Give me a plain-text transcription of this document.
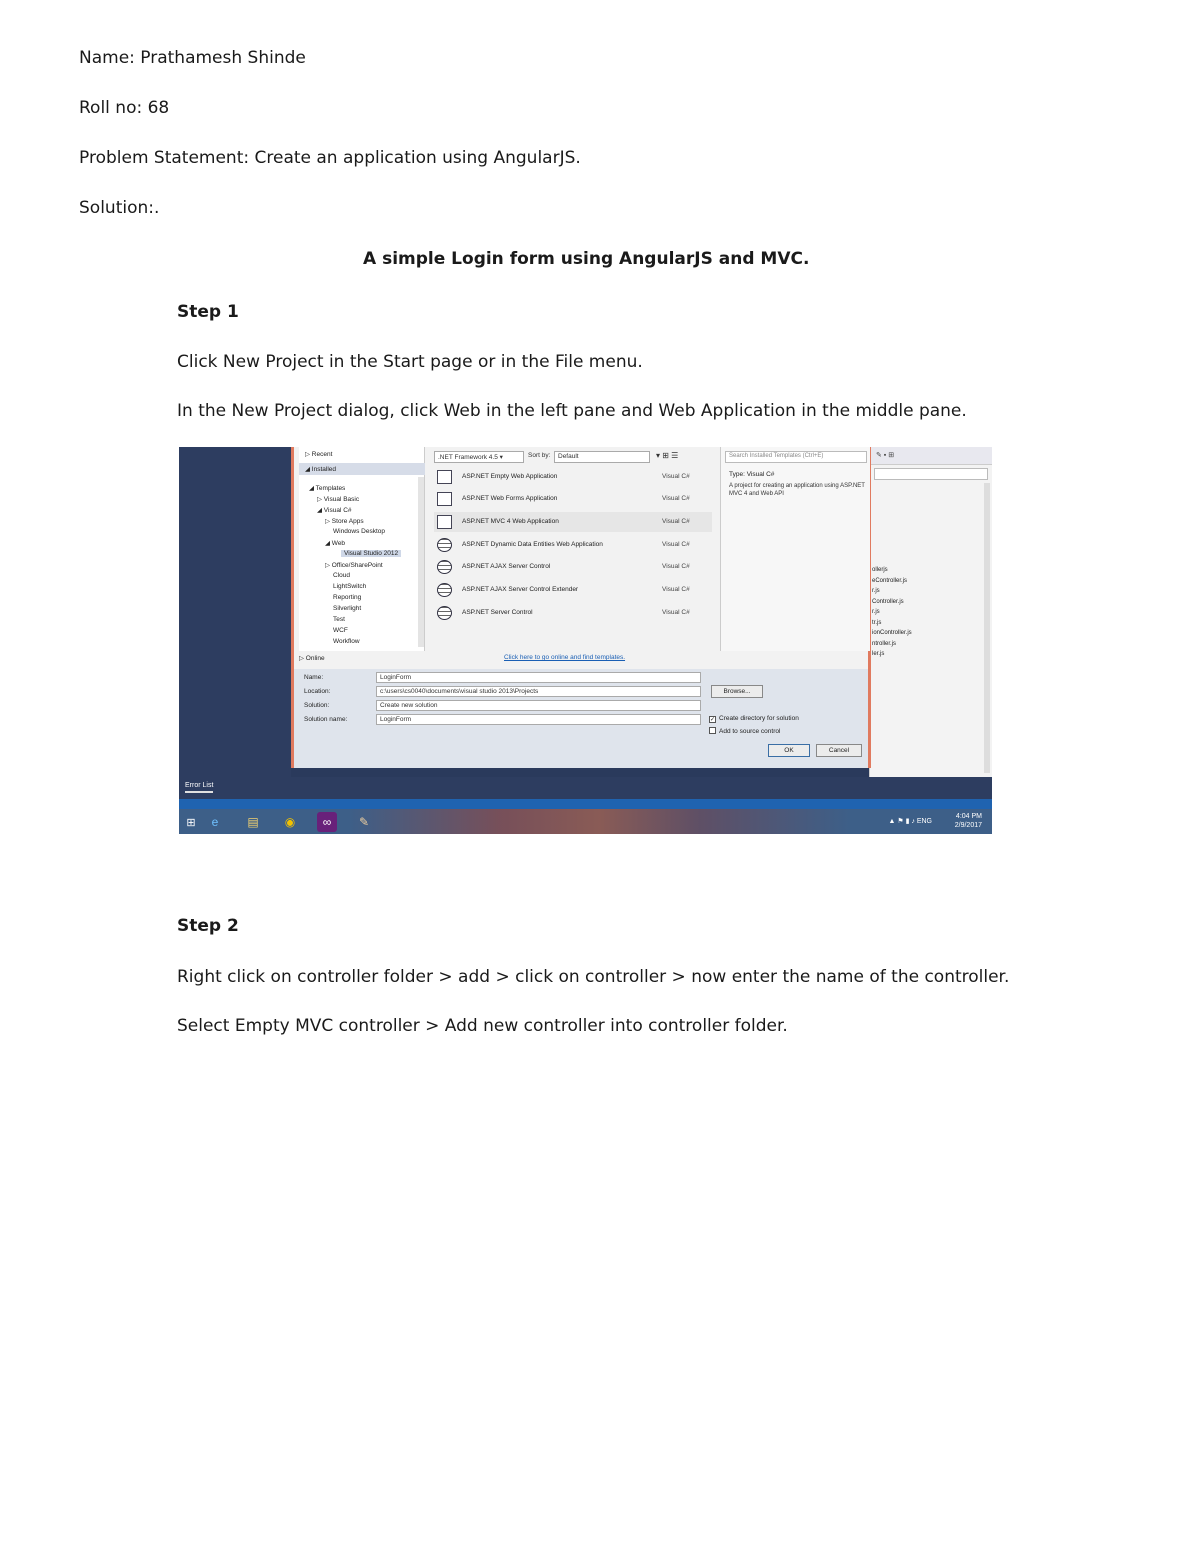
Name: Prathamesh Shinde
Roll no: 68
Problem Statement: Create an application using AngularJS.
Solution:.
A simple Login form using AngularJS and MVC.
Step 1
Click New Project in the Start page or in the File menu.
In the New Project dialog, click Web in the left pane and Web Application in the middle pane.
✎ ▪ ⊞
ollerjs
eController.js
r.js
Controller.js
r.js
tr.js
ionController.js
ntroller.js
ler.js
▷ Recent
◢ Installed
◢ Templates
▷ Visual Basic
◢ Visual C#
▷ Store Apps
Windows Desktop
◢ Web
Visual Studio 2012
▷ Office/SharePoint
Cloud
LightSwitch
Reporting
Silverlight
Test
WCF
Workflow
▷ Online
.NET Framework 4.5 ▾	Sort by:	Default	▾ ⊞ ☰
ASP.NET Empty Web Application	Visual C#
ASP.NET Web Forms Application	Visual C#
ASP.NET MVC 4 Web Application	Visual C#
ASP.NET Dynamic Data Entities Web Application	Visual C#
ASP.NET AJAX Server Control	Visual C#
ASP.NET AJAX Server Control Extender	Visual C#
ASP.NET Server Control	Visual C#
Click here to go online and find templates.
Search Installed Templates (Ctrl+E)
Type: Visual C#
A project for creating an application using ASP.NET MVC 4 and Web API
Name:	LoginForm
Location:	c:\users\cs0040\documents\visual studio 2013\Projects
Solution:	Create new solution
Solution name:	LoginForm
Browse...
✓ Create directory for solution
Add to source control
OK	Cancel
Error List
⊞	e	▤	◉	∞	✎	▲ ⚑ ▮ ♪ ENG
4:04 PM
2/9/2017
Step 2
Right click on controller folder > add > click on controller > now enter the name of the controller.
Select Empty MVC controller > Add new controller into controller folder.
